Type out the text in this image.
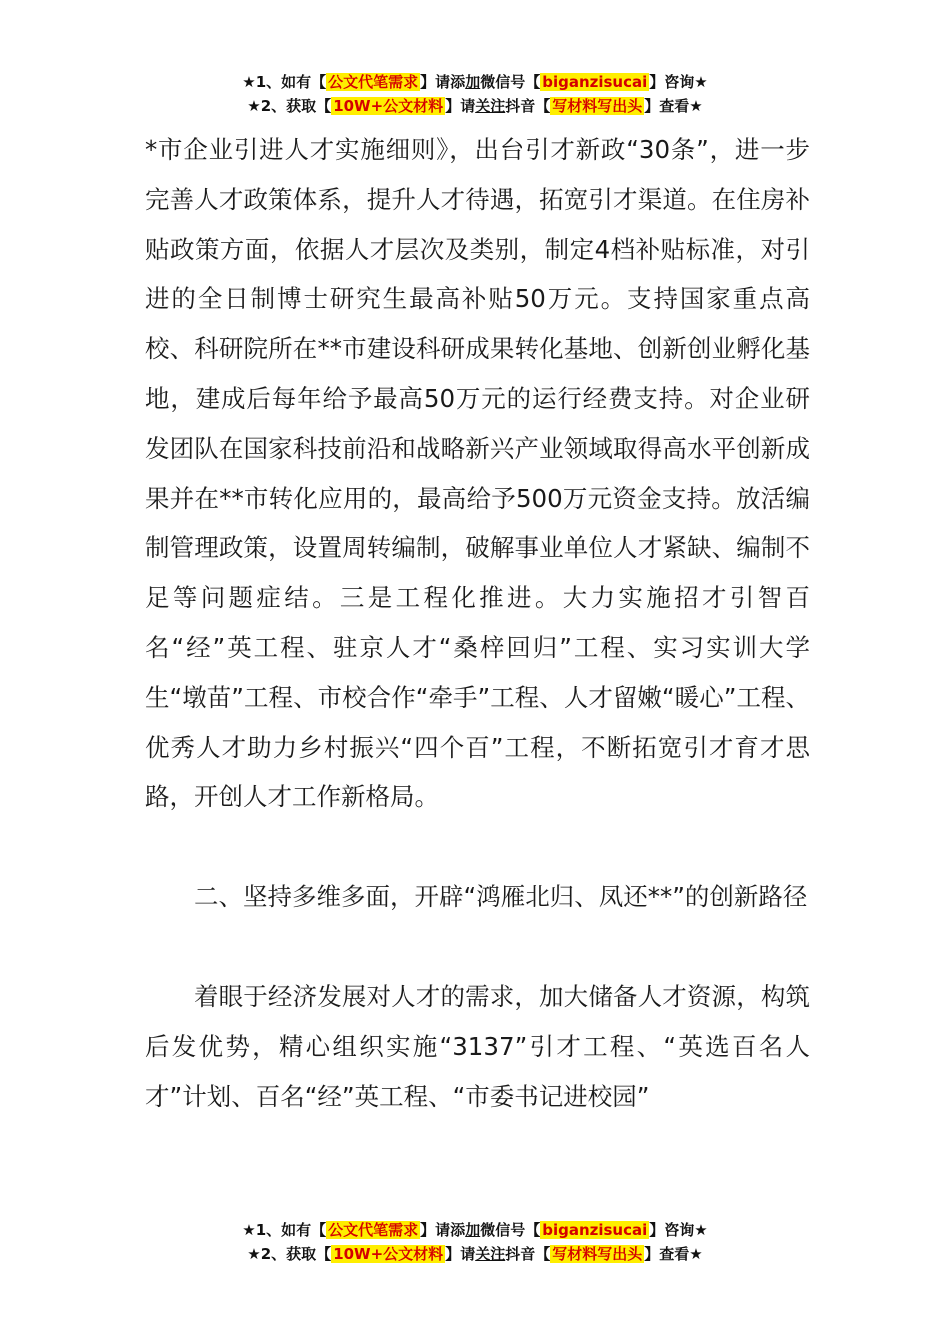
★1、如有【 公文代笔需求 】请添加微信号【 biganzisucai 】咨询★
★2、获取【 10W+公文材料 】请关注抖音【 写材料写出头 】查看★

*市企业引进人才实施细则》，出台引才新政“30条”，进一步完善人才政策体系，提升人才待遇，拓宽引才渠道。在住房补贴政策方面，依据人才层次及类别，制定4档补贴标准，对引进的全日制博士研究生最高补贴50万元。支持国家重点高校、科研院所在**市建设科研成果转化基地、创新创业孵化基地，建成后每年给予最高50万元的运行经费支持。对企业研发团队在国家科技前沿和战略新兴产业领域取得高水平创新成果并在**市转化应用的，最高给予500万元资金支持。放活编制管理政策，设置周转编制，破解事业单位人才紧缺、编制不足等问题症结。三是工程化推进。大力实施招才引智百名“经”英工程、驻京人才“桑梓回归”工程、实习实训大学生“墩苗”工程、市校合作“牵手”工程、人才留嫩“暖心”工程、优秀人才助力乡村振兴“四个百”工程，不断拓宽引才育才思路，开创人才工作新格局。

二、坚持多维多面，开辟“鸿雁北归、凤还**”的创新路径

着眼于经济发展对人才的需求，加大储备人才资源，构筑后发优势，精心组织实施“3137”引才工程、“英选百名人才”计划、百名“经”英工程、“市委书记进校园”

★1、如有【 公文代笔需求 】请添加微信号【 biganzisucai 】咨询★
★2、获取【 10W+公文材料 】请关注抖音【 写材料写出头 】查看★
